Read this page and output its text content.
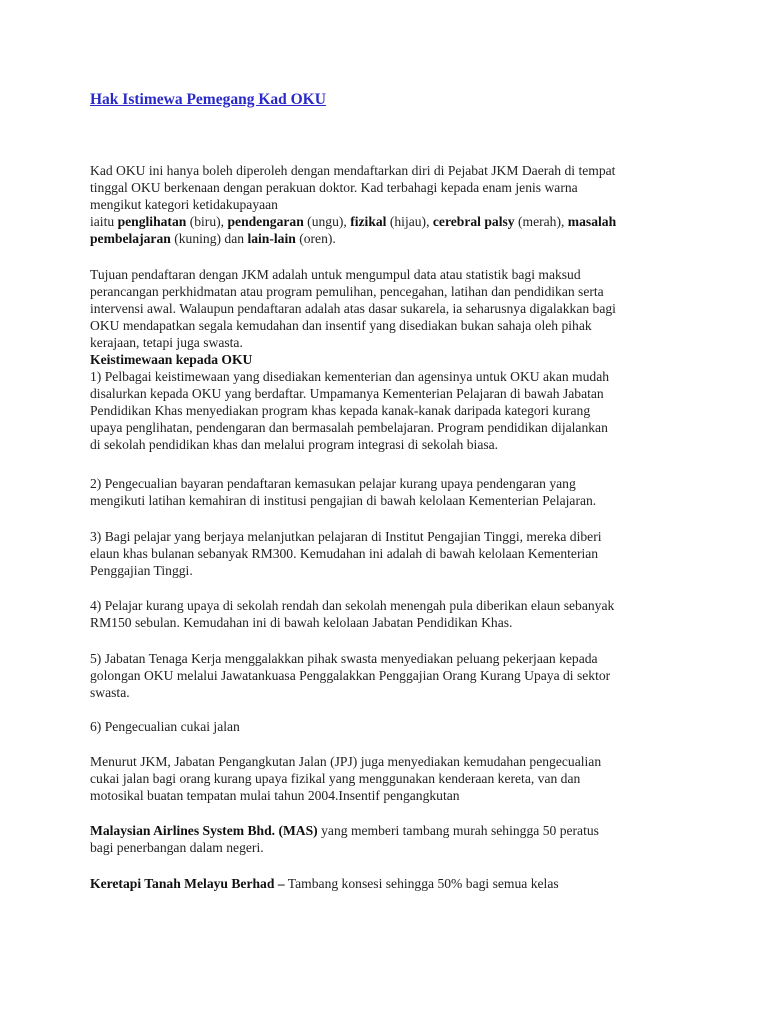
Hak Istimewa Pemegang Kad OKU
Kad OKU ini hanya boleh diperoleh dengan mendaftarkan diri di Pejabat JKM Daerah di tempat
tinggal OKU berkenaan dengan perakuan doktor. Kad terbahagi kepada enam jenis warna
mengikut kategori ketidakupayaan
iaitu penglihatan (biru), pendengaran (ungu), fizikal (hijau), cerebral palsy (merah), masalah
pembelajaran (kuning) dan lain-lain (oren).
Tujuan pendaftaran dengan JKM adalah untuk mengumpul data atau statistik bagi maksud
perancangan perkhidmatan atau program pemulihan, pencegahan, latihan dan pendidikan serta
intervensi awal. Walaupun pendaftaran adalah atas dasar sukarela, ia seharusnya digalakkan bagi
OKU mendapatkan segala kemudahan dan insentif yang disediakan bukan sahaja oleh pihak
kerajaan, tetapi juga swasta.
Keistimewaan kepada OKU
1) Pelbagai keistimewaan yang disediakan kementerian dan agensinya untuk OKU akan mudah
disalurkan kepada OKU yang berdaftar. Umpamanya Kementerian Pelajaran di bawah Jabatan
Pendidikan Khas menyediakan program khas kepada kanak-kanak daripada kategori kurang
upaya penglihatan, pendengaran dan bermasalah pembelajaran. Program pendidikan dijalankan
di sekolah pendidikan khas dan melalui program integrasi di sekolah biasa.
2) Pengecualian bayaran pendaftaran kemasukan pelajar kurang upaya pendengaran yang
mengikuti latihan kemahiran di institusi pengajian di bawah kelolaan Kementerian Pelajaran.
3) Bagi pelajar yang berjaya melanjutkan pelajaran di Institut Pengajian Tinggi, mereka diberi
elaun khas bulanan sebanyak RM300. Kemudahan ini adalah di bawah kelolaan Kementerian
Penggajian Tinggi.
4) Pelajar kurang upaya di sekolah rendah dan sekolah menengah pula diberikan elaun sebanyak
RM150 sebulan. Kemudahan ini di bawah kelolaan Jabatan Pendidikan Khas.
5) Jabatan Tenaga Kerja menggalakkan pihak swasta menyediakan peluang pekerjaan kepada
golongan OKU melalui Jawatankuasa Penggalakkan Penggajian Orang Kurang Upaya di sektor
swasta.
6) Pengecualian cukai jalan
Menurut JKM, Jabatan Pengangkutan Jalan (JPJ) juga menyediakan kemudahan pengecualian
cukai jalan bagi orang kurang upaya fizikal yang menggunakan kenderaan kereta, van dan
motosikal buatan tempatan mulai tahun 2004.Insentif pengangkutan
Malaysian Airlines System Bhd. (MAS) yang memberi tambang murah sehingga 50 peratus
bagi penerbangan dalam negeri.
Keretapi Tanah Melayu Berhad – Tambang konsesi sehingga 50% bagi semua kelas
